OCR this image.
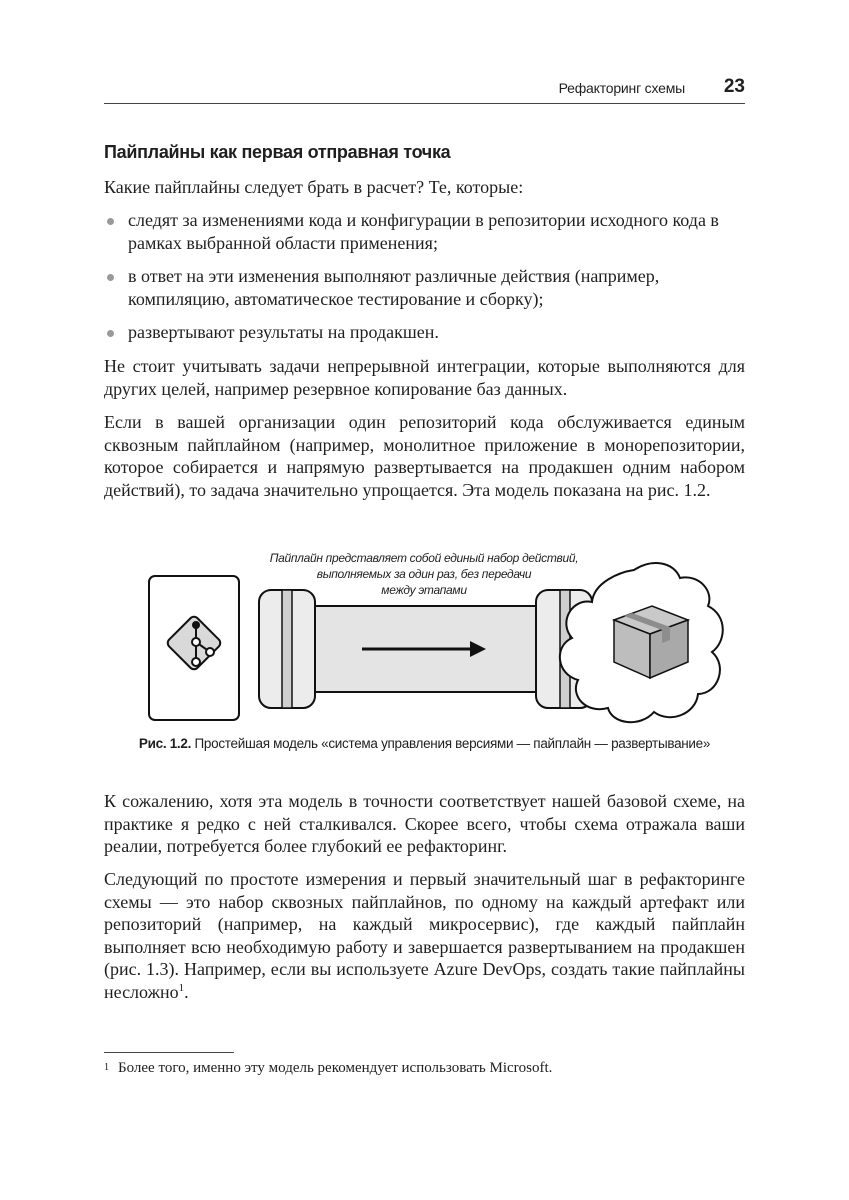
Рефакторинг схемы 23
Пайплайны как первая отправная точка
Какие пайплайны следует брать в расчет? Те, которые:
следят за изменениями кода и конфигурации в репозитории исходного кода в рамках выбранной области применения;
в ответ на эти изменения выполняют различные действия (например, компиляцию, автоматическое тестирование и сборку);
развертывают результаты на продакшен.

Не стоит учитывать задачи непрерывной интеграции, которые выполняются для других целей, например резервное копирование баз данных.

Если в вашей организации один репозиторий кода обслуживается единым сквозным пайплайном (например, монолитное приложение в монорепозитории, которое собирается и напрямую развертывается на продакшен одним набором действий), то задача значительно упрощается. Эта модель показана на рис. 1.2.

Пайплайн представляет собой единый набор действий,
выполняемых за один раз, без передачи
между этапами
Рис. 1.2. Простейшая модель «система управления версиями — пайплайн — развертывание»

К сожалению, хотя эта модель в точности соответствует нашей базовой схеме, на практике я редко с ней сталкивался. Скорее всего, чтобы схема отражала ваши реалии, потребуется более глубокий ее рефакторинг.

Следующий по простоте измерения и первый значительный шаг в рефакторинге схемы — это набор сквозных пайплайнов, по одному на каждый артефакт или репозиторий (например, на каждый микросервис), где каждый пайплайн выполняет всю необходимую работу и завершается развертыванием на продакшен (рис. 1.3). Например, если вы используете Azure DevOps, создать такие пайплайны несложно$^1$.

1 Более того, именно эту модель рекомендует использовать Microsoft.
